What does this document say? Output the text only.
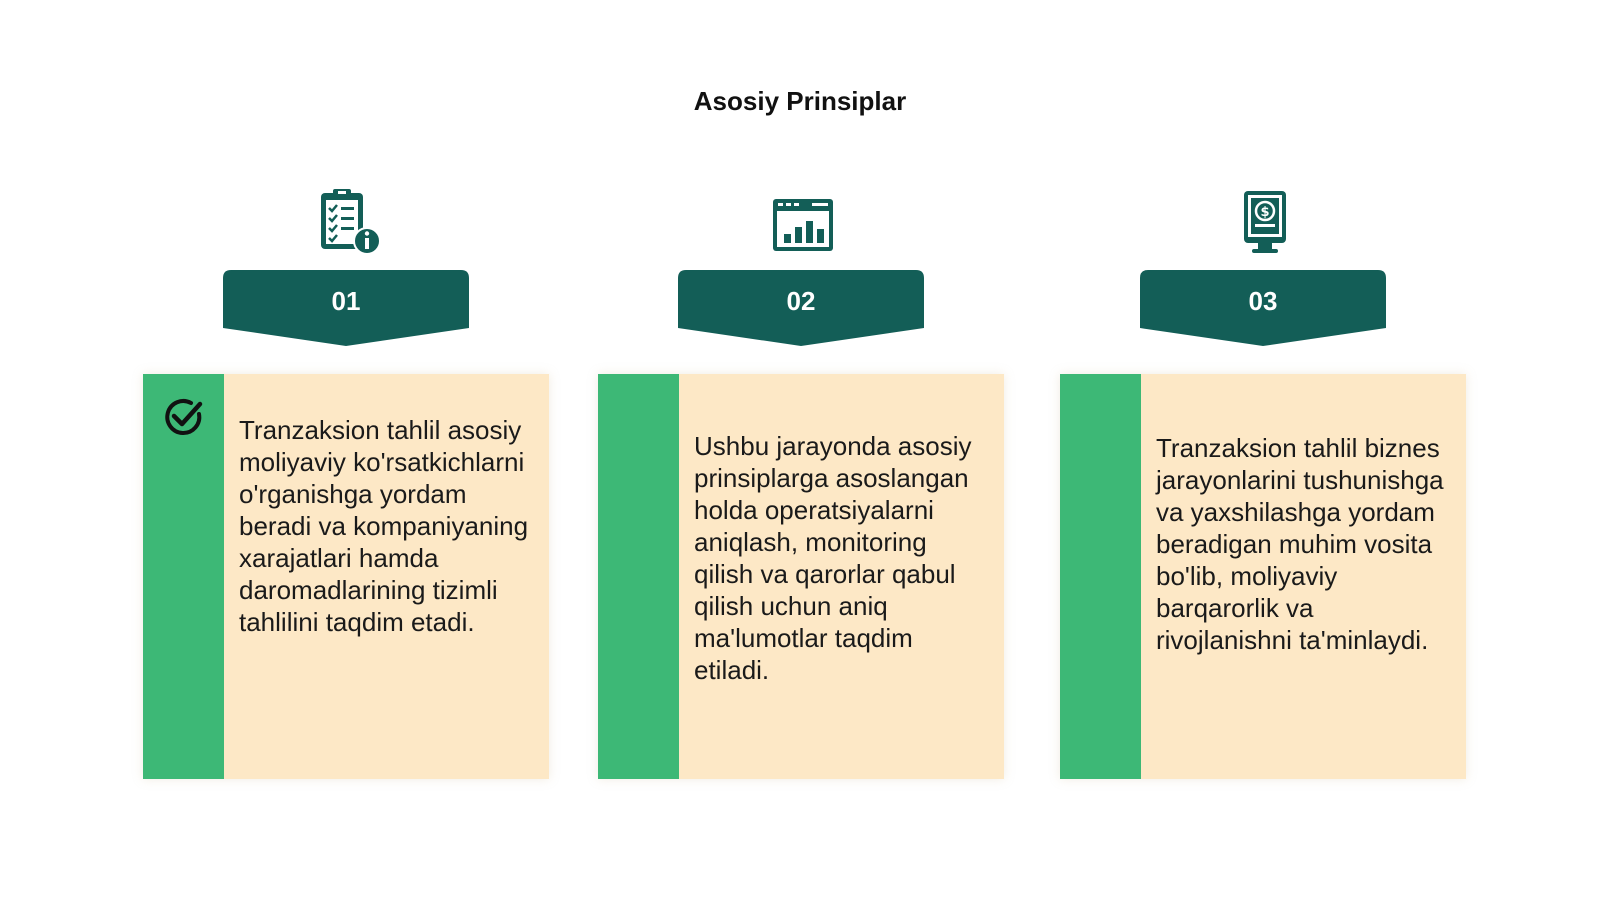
Asosiy Prinsiplar
01
Tranzaksion tahlil asosiy moliyaviy ko'rsatkichlarni o'rganishga yordam beradi va kompaniyaning xarajatlari hamda daromadlarining tizimli tahlilini taqdim etadi.
02
Ushbu jarayonda asosiy prinsiplarga asoslangan holda operatsiyalarni aniqlash, monitoring qilish va qarorlar qabul qilish uchun aniq ma'lumotlar taqdim etiladi.
$
03
Tranzaksion tahlil biznes jarayonlarini tushunishga va yaxshilashga yordam beradigan muhim vosita bo'lib, moliyaviy barqarorlik va rivojlanishni ta'minlaydi.
